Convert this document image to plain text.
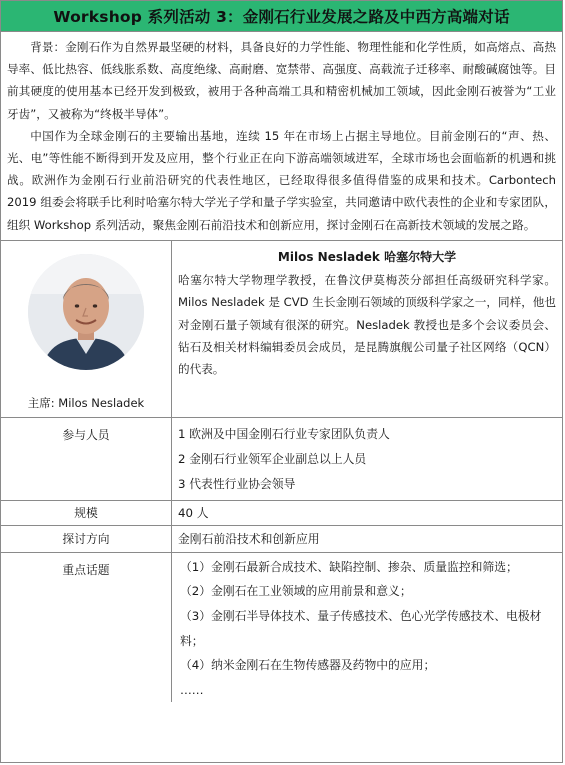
Workshop 系列活动 3：金刚石行业发展之路及中西方高端对话

背景：金刚石作为自然界最坚硬的材料，具备良好的力学性能、物理性能和化学性质，如高熔点、高热导率、低比热容、低线胀系数、高度绝缘、高耐磨、宽禁带、高强度、高载流子迁移率、耐酸碱腐蚀等。目前其硬度的使用基本已经开发到极致，被用于各种高端工具和精密机械加工领域，因此金刚石被誉为“工业牙齿”，又被称为“终极半导体”。

中国作为全球金刚石的主要输出基地，连续 15 年在市场上占据主导地位。目前金刚石的“声、热、光、电”等性能不断得到开发及应用，整个行业正在向下游高端领域进军，全球市场也会面临新的机遇和挑战。欧洲作为金刚石行业前沿研究的代表性地区，已经取得很多值得借鉴的成果和技术。Carbontech 2019 组委会将联手比利时哈塞尔特大学光子学和量子学实验室，共同邀请中欧代表性的企业和专家团队，组织 Workshop 系列活动，聚焦金刚石前沿技术和创新应用，探讨金刚石在高新技术领域的发展之路。

主席: Milos Nesladek
Milos Nesladek 哈塞尔特大学
哈塞尔特大学物理学教授，在鲁汶伊莫梅茨分部担任高级研究科学家。Milos Nesladek 是 CVD 生长金刚石领域的顶级科学家之一，同样，他也对金刚石量子领域有很深的研究。Nesladek 教授也是多个会议委员会、钻石及相关材料编辑委员会成员，是昆腾旗舰公司量子社区网络（QCN）的代表。
参与人员	1 欧洲及中国金刚石行业专家团队负责人
2 金刚石行业领军企业副总以上人员
3 代表性行业协会领导
规模	40 人
探讨方向	金刚石前沿技术和创新应用
重点话题	（1）金刚石最新合成技术、缺陷控制、掺杂、质量监控和筛选；
（2）金刚石在工业领域的应用前景和意义；
（3）金刚石半导体技术、量子传感技术、色心光学传感技术、电极材料；
（4）纳米金刚石在生物传感器及药物中的应用；
……
